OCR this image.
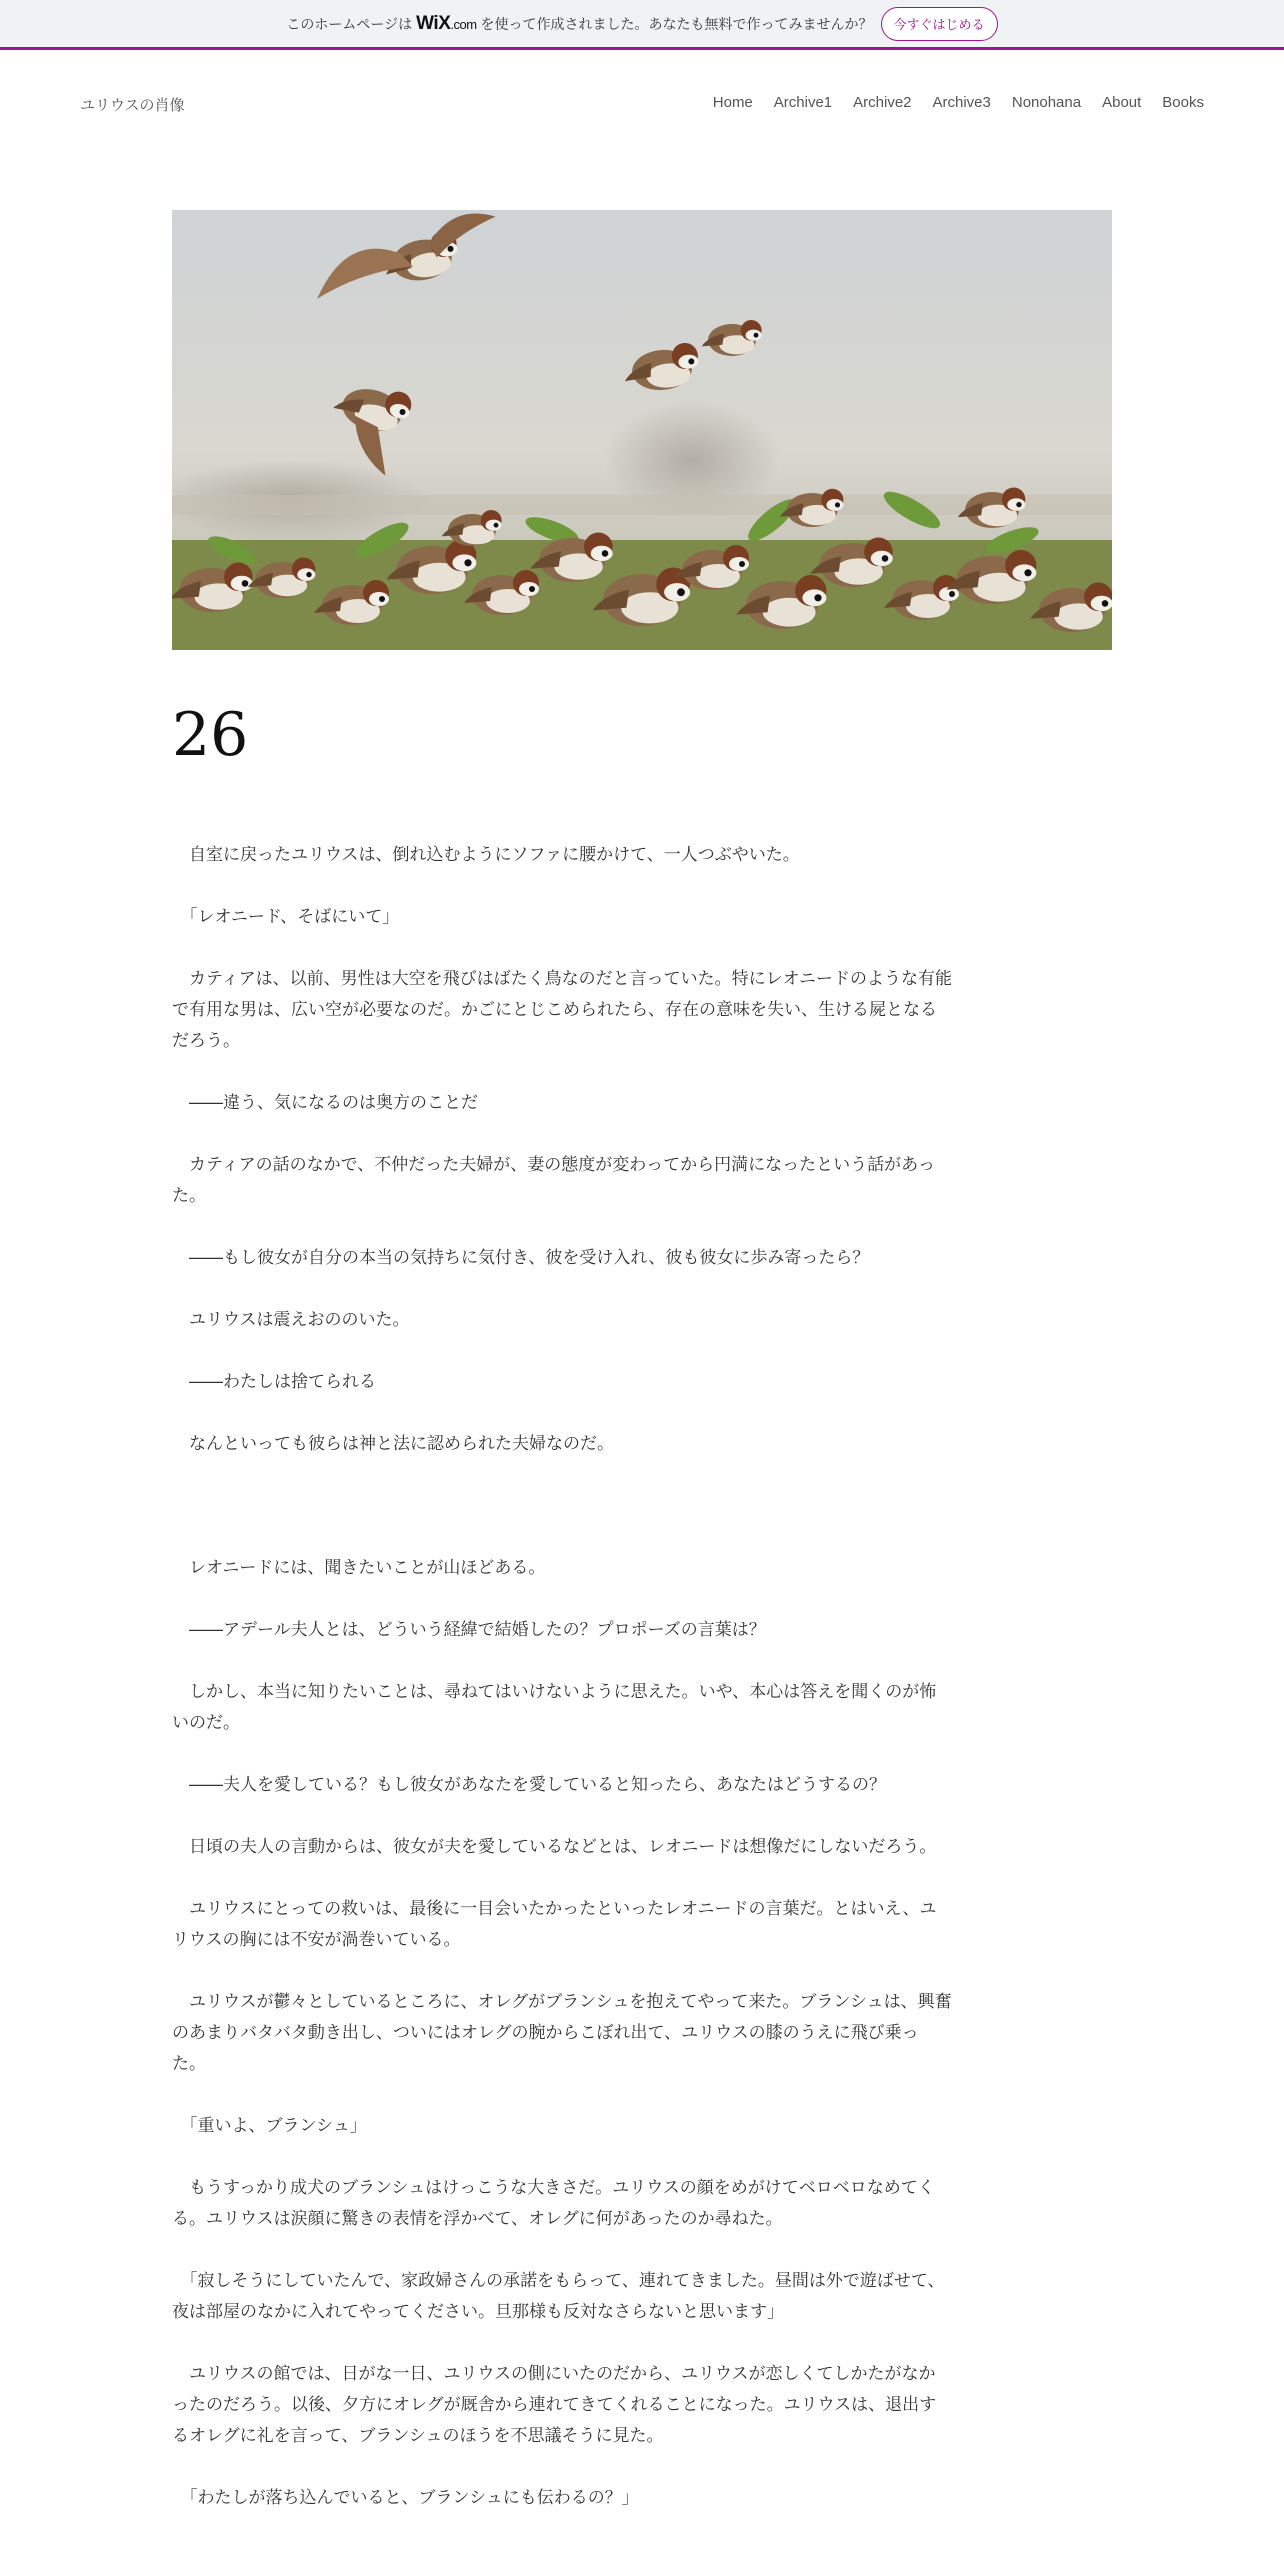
このホームページは WiX.com を使って作成されました。あなたも無料で作ってみませんか？	今すぐはじめる
ユリウスの肖像	Home Archive1 Archive2 Archive3 Nonohana About Books
26

　自室に戻ったユリウスは、倒れ込むようにソファに腰かけて、一人つぶやいた。

　「レオニード、そばにいて」

　カティアは、以前、男性は大空を飛びはばたく鳥なのだと言っていた。特にレオニードのような有能で有用な男は、広い空が必要なのだ。かごにとじこめられたら、存在の意味を失い、生ける屍となるだろう。

　――違う、気になるのは奥方のことだ

　カティアの話のなかで、不仲だった夫婦が、妻の態度が変わってから円満になったという話があった。

　――もし彼女が自分の本当の気持ちに気付き、彼を受け入れ、彼も彼女に歩み寄ったら？

　ユリウスは震えおののいた。

　――わたしは捨てられる

　なんといっても彼らは神と法に認められた夫婦なのだ。

　レオニードには、聞きたいことが山ほどある。

　――アデール夫人とは、どういう経緯で結婚したの？プロポーズの言葉は？

　しかし、本当に知りたいことは、尋ねてはいけないように思えた。いや、本心は答えを聞くのが怖いのだ。

　――夫人を愛している？もし彼女があなたを愛していると知ったら、あなたはどうするの？

　日頃の夫人の言動からは、彼女が夫を愛しているなどとは、レオニードは想像だにしないだろう。

　ユリウスにとっての救いは、最後に一目会いたかったといったレオニードの言葉だ。とはいえ、ユリウスの胸には不安が渦巻いている。

　ユリウスが鬱々としているところに、オレグがブランシュを抱えてやって来た。ブランシュは、興奮のあまりバタバタ動き出し、ついにはオレグの腕からこぼれ出て、ユリウスの膝のうえに飛び乗った。

　「重いよ、ブランシュ」

　もうすっかり成犬のブランシュはけっこうな大きさだ。ユリウスの顔をめがけてベロベロなめてくる。ユリウスは涙顔に驚きの表情を浮かべて、オレグに何があったのか尋ねた。

　「寂しそうにしていたんで、家政婦さんの承諾をもらって、連れてきました。昼間は外で遊ばせて、夜は部屋のなかに入れてやってください。旦那様も反対なさらないと思います」

　ユリウスの館では、日がな一日、ユリウスの側にいたのだから、ユリウスが恋しくてしかたがなかったのだろう。以後、夕方にオレグが厩舎から連れてきてくれることになった。ユリウスは、退出するオレグに礼を言って、ブランシュのほうを不思議そうに見た。

　「わたしが落ち込んでいると、ブランシュにも伝わるの？」
